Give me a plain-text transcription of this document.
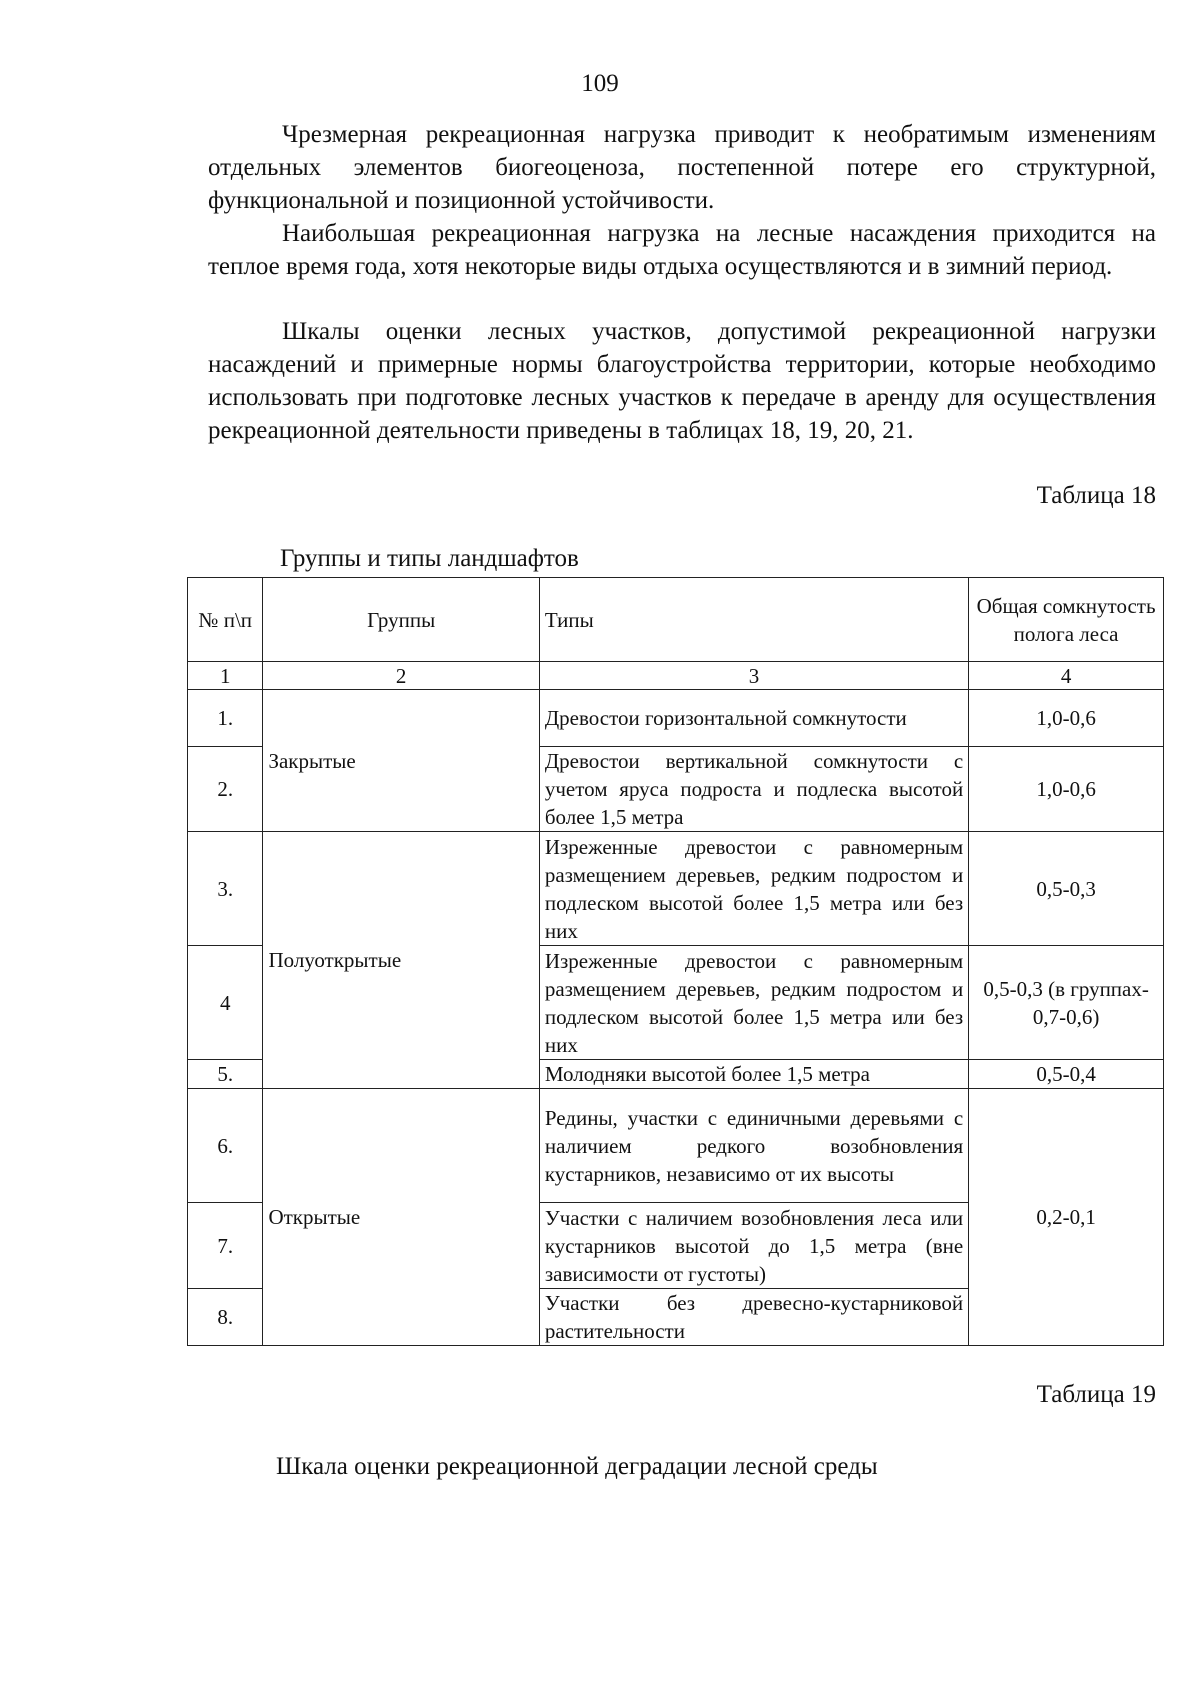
109

Чрезмерная рекреационная нагрузка приводит к необратимым изменениям отдельных элементов биогеоценоза, постепенной потере его структурной, функциональной и позиционной устойчивости.

Наибольшая рекреационная нагрузка на лесные насаждения приходится на теплое время года, хотя некоторые виды отдыха осуществляются и в зимний период.

Шкалы оценки лесных участков, допустимой рекреационной нагрузки насаждений и примерные нормы благоустройства территории, которые необходимо использовать при подготовке лесных участков к передаче в аренду для осуществления рекреационной деятельности приведены в таблицах 18, 19, 20, 21.

Таблица 18
Группы и типы ландшафтов
№ п\п	Группы	Типы	Общая сомкнутость полога леса
1	2	3	4
1.	Закрытые	Древостои горизонтальной сомкнутости	1,0-0,6
2.		Древостои вертикальной сомкнутости с учетом яруса подроста и подлеска высотой более 1,5 метра	1,0-0,6
3.	Полуоткрытые	Изреженные древостои с равномерным размещением деревьев, редким подростом и подлеском высотой более 1,5 метра или без них	0,5-0,3
4		Изреженные древостои с равномерным размещением деревьев, редким подростом и подлеском высотой более 1,5 метра или без них	0,5-0,3 (в группах- 0,7-0,6)
5.		Молодняки высотой более 1,5 метра	0,5-0,4
6.	Открытые	Редины, участки с единичными деревьями с наличием редкого возобновления кустарников, независимо от их высоты	0,2-0,1
7.		Участки с наличием возобновления леса или кустарников высотой до 1,5 метра (вне зависимости от густоты)	
8.		Участки без древесно-кустарниковой растительности	
Таблица 19
Шкала оценки рекреационной деградации лесной среды
